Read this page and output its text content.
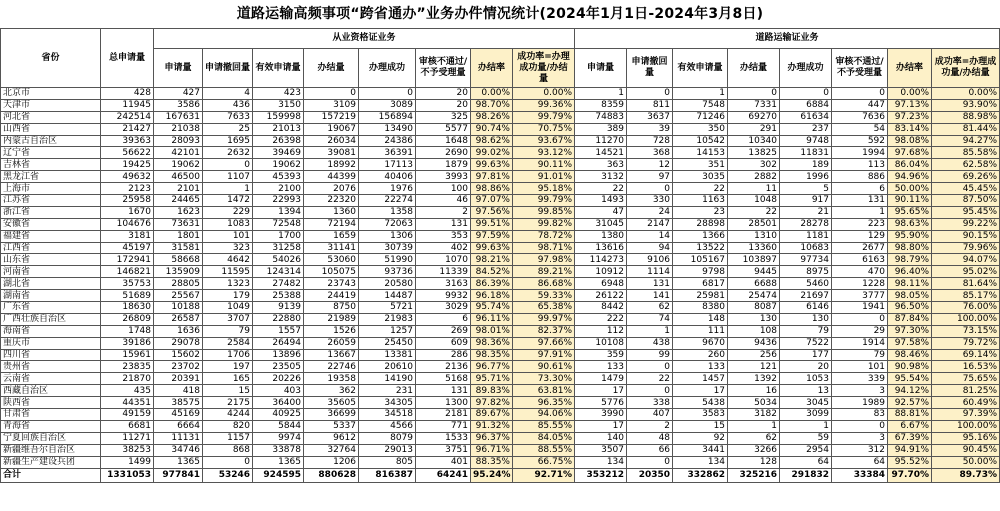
道路运输高频事项“跨省通办”业务办件情况统计(2024年1月1日-2024年3月8日)
省份	总申请量	从业资格证业务								道路运输证业务							
		申请量	申请撤回量	有效申请量	办结量	办理成功	审核不通过/不予受理量	办结率	成功率=办理成功量/办结量	申请量	申请撤回量	有效申请量	办结量	办理成功	审核不通过/不予受理量	办结率	成功率=办理成功量/办结量
北京市	428	427	4	423	0	0	20	0.00%	0.00%	1	0	1	0	0	0	0.00%	0.00%
天津市	11945	3586	436	3150	3109	3089	20	98.70%	99.36%	8359	811	7548	7331	6884	447	97.13%	93.90%
河北省	242514	167631	7633	159998	157219	156894	325	98.26%	99.79%	74883	3637	71246	69270	61634	7636	97.23%	88.98%
山西省	21427	21038	25	21013	19067	13490	5577	90.74%	70.75%	389	39	350	291	237	54	83.14%	81.44%
内蒙古自治区	39363	28093	1695	26398	26034	24386	1648	98.62%	93.67%	11270	728	10542	10340	9748	592	98.08%	94.27%
辽宁省	56622	42101	2632	39469	39081	36391	2690	99.02%	93.12%	14521	368	14153	13825	11831	1994	97.68%	85.58%
吉林省	19425	19062	0	19062	18992	17113	1879	99.63%	90.11%	363	12	351	302	189	113	86.04%	62.58%
黑龙江省	49632	46500	1107	45393	44399	40406	3993	97.81%	91.01%	3132	97	3035	2882	1996	886	94.96%	69.26%
上海市	2123	2101	1	2100	2076	1976	100	98.86%	95.18%	22	0	22	11	5	6	50.00%	45.45%
江苏省	25958	24465	1472	22993	22320	22274	46	97.07%	99.79%	1493	330	1163	1048	917	131	90.11%	87.50%
浙江省	1670	1623	229	1394	1360	1358	2	97.56%	99.85%	47	24	23	22	21	1	95.65%	95.45%
安徽省	104676	73631	1083	72548	72194	72063	131	99.51%	99.82%	31045	2147	28898	28501	28278	223	98.63%	99.22%
福建省	3181	1801	101	1700	1659	1306	353	97.59%	78.72%	1380	14	1366	1310	1181	129	95.90%	90.15%
江西省	45197	31581	323	31258	31141	30739	402	99.63%	98.71%	13616	94	13522	13360	10683	2677	98.80%	79.96%
山东省	172941	58668	4642	54026	53060	51990	1070	98.21%	97.98%	114273	9106	105167	103897	97734	6163	98.79%	94.07%
河南省	146821	135909	11595	124314	105075	93736	11339	84.52%	89.21%	10912	1114	9798	9445	8975	470	96.40%	95.02%
湖北省	35753	28805	1323	27482	23743	20580	3163	86.39%	86.68%	6948	131	6817	6688	5460	1228	98.11%	81.64%
湖南省	51689	25567	179	25388	24419	14487	9932	96.18%	59.33%	26122	141	25981	25474	21697	3777	98.05%	85.17%
广东省	18630	10188	1049	9139	8750	5721	3029	95.74%	65.38%	8442	62	8380	8087	6146	1941	96.50%	76.00%
广西壮族自治区	26809	26587	3707	22880	21989	21983	6	96.11%	99.97%	222	74	148	130	130	0	87.84%	100.00%
海南省	1748	1636	79	1557	1526	1257	269	98.01%	82.37%	112	1	111	108	79	29	97.30%	73.15%
重庆市	39186	29078	2584	26494	26059	25450	609	98.36%	97.66%	10108	438	9670	9436	7522	1914	97.58%	79.72%
四川省	15961	15602	1706	13896	13667	13381	286	98.35%	97.91%	359	99	260	256	177	79	98.46%	69.14%
贵州省	23835	23702	197	23505	22746	20610	2136	96.77%	90.61%	133	0	133	121	20	101	90.98%	16.53%
云南省	21870	20391	165	20226	19358	14190	5168	95.71%	73.30%	1479	22	1457	1392	1053	339	95.54%	75.65%
西藏自治区	435	418	15	403	362	231	131	89.83%	63.81%	17	0	17	16	13	3	94.12%	81.25%
陕西省	44351	38575	2175	36400	35605	34305	1300	97.82%	96.35%	5776	338	5438	5034	3045	1989	92.57%	60.49%
甘肃省	49159	45169	4244	40925	36699	34518	2181	89.67%	94.06%	3990	407	3583	3182	3099	83	88.81%	97.39%
青海省	6681	6664	820	5844	5337	4566	771	91.32%	85.55%	17	2	15	1	1	0	6.67%	100.00%
宁夏回族自治区	11271	11131	1157	9974	9612	8079	1533	96.37%	84.05%	140	48	92	62	59	3	67.39%	95.16%
新疆维吾尔自治区	38253	34746	868	33878	32764	29013	3751	96.71%	88.55%	3507	66	3441	3266	2954	312	94.91%	90.45%
新疆生产建设兵团	1499	1365	0	1365	1206	805	401	88.35%	66.75%	134	0	134	128	64	64	95.52%	50.00%
合计	1331053	977841	53246	924595	880628	816387	64241	95.24%	92.71%	353212	20350	332862	325216	291832	33384	97.70%	89.73%
